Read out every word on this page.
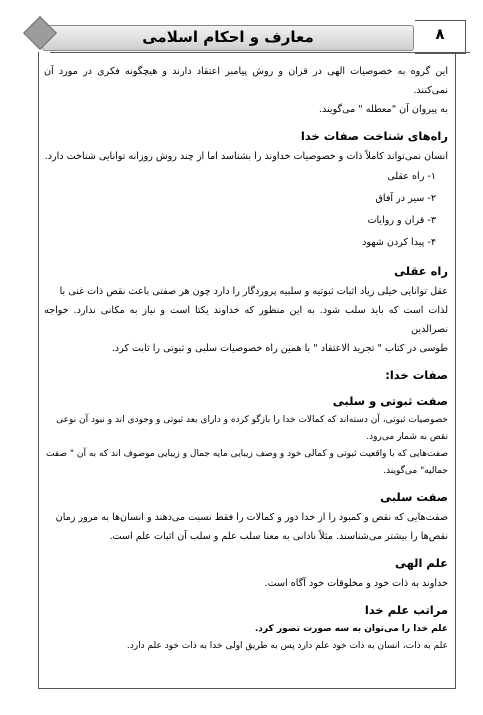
معارف و احکام اسلامی	۸

این گروه به خصوصیات الهی در قران و روش پیامبر اعتقاد دارند و هیچگونه فکری در مورد آن نمی‌کنند.

به پیروان آن "معطله " می‌گویند.

راه‌های شناخت صفات خدا

انسان نمی‌تواند کاملاً ذات و خصوصیات خداوند را بشناسد اما از چند روش روزانه توانایی شناخت دارد.

۱- راه عقلی
۲- سیر در آفاق
۳- قران و روایات
۴- پیدا کردن شهود
راه عقلی

عقل توانایی خیلی زیاد اثبات ثبوتیه و سلبیه پروردگار را دارد چون هر صفتی باعث نقص ذات غنی با

لذات است که باید سلب شود. به این منظور که خداوند یکتا است و نیاز به مکانی ندارد. خواجه نصرالدین

طوسی در کتاب " تجرید الاعتقاد " با همین راه خصوصیات سلبی و ثبوتی را ثابت کرد.

صفات خدا:
صفت ثبوتی و سلبی

خصوصیات ثبوتی، آن دسته‌اند که کمالات خدا را بازگو کرده و دارای بعد ثبوتی و وجودی اند و نبود آن نوعی

نقص به شمار می‌رود.

صفت‌هایی که با واقعیت ثبوتی و کمالی خود و وصف زیبایی مایه جمال و زیبایی موصوف اند که به آن " صفت

جمالیه" می‌گویند.

صفت سلبی

صفت‌هایی که نقص و کمبود را از خدا دور و کمالات را فقط نسبت می‌دهند و انسان‌ها به مرور زمان

نقص‌ها را بیشتر می‌شناسند. مثلاً نادانی به معنا سلب علم و سلب آن اثبات علم است.

علم الهی

خداوند به ذات خود و مخلوقات خود آگاه است.

مراتب علم خدا

علم خدا را می‌توان به سه صورت تصور کرد.

علم به ذات، انسان به ذات خود علم دارد پس به طریق اولی خدا به ذات خود علم دارد.
